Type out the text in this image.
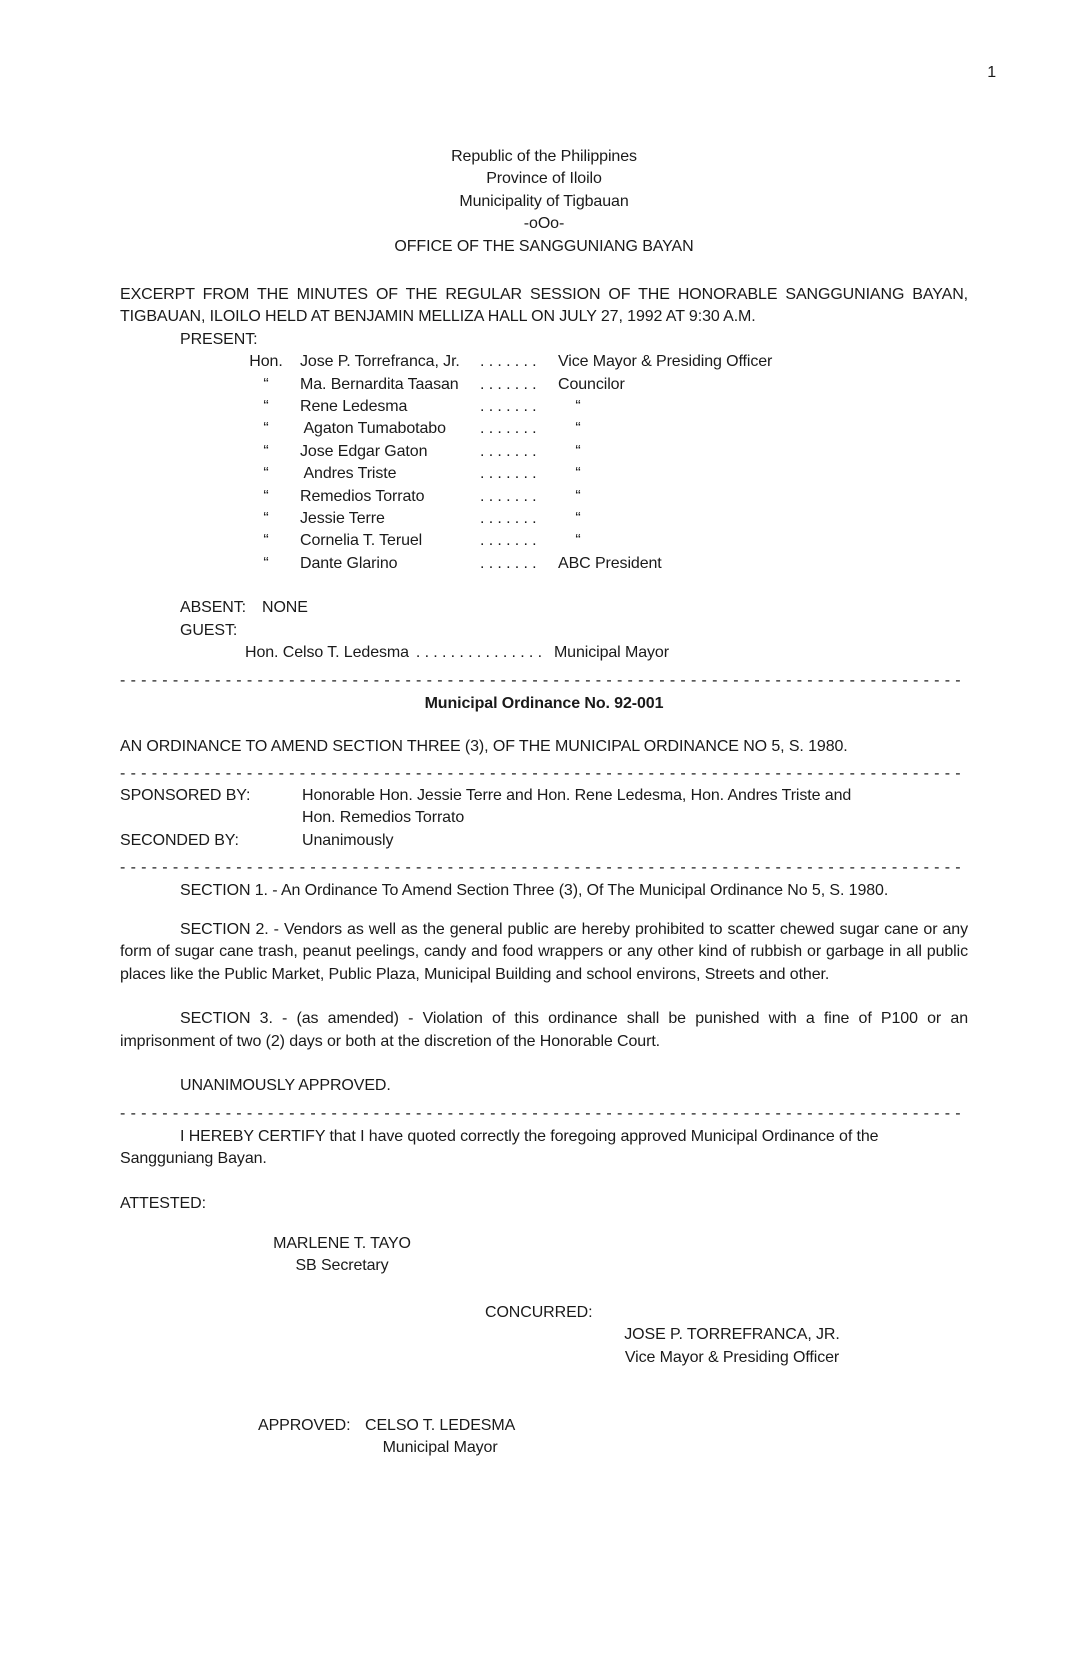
1
Republic of the Philippines
Province of Iloilo
Municipality of Tigbauan
-oOo-
OFFICE OF THE SANGGUNIANG BAYAN

EXCERPT FROM THE MINUTES OF THE REGULAR SESSION OF THE HONORABLE SANGGUNIANG BAYAN, TIGBAUAN, ILOILO HELD AT BENJAMIN MELLIZA HALL ON JULY 27, 1992 AT 9:30 A.M.

PRESENT:
Hon.	Jose P. Torrefranca, Jr.	. . . . . . .	Vice Mayor & Presiding Officer
“	Ma. Bernardita Taasan	. . . . . . .	Councilor
“	Rene Ledesma	. . . . . . .	“
“	Agaton Tumabotabo	. . . . . . .	“
“	Jose Edgar Gaton	. . . . . . .	“
“	Andres Triste	. . . . . . .	“
“	Remedios Torrato	. . . . . . .	“
“	Jessie Terre	. . . . . . .	“
“	Cornelia T. Teruel	. . . . . . .	“
“	Dante Glarino	. . . . . . .	ABC President
ABSENT:	NONE
GUEST:
Hon. Celso T. Ledesma . . . . . . . . . . . . . . . Municipal Mayor
- - - - - - - - - - - - - - - - - - - - - - - - - - - - - - - - - - - - - - - - - - - - - - - - - - - - - - - - - - - - - - - - - - - - - - - - - - - - - - - -
Municipal Ordinance No. 92-001
AN ORDINANCE TO AMEND SECTION THREE (3), OF THE MUNICIPAL ORDINANCE NO 5, S. 1980.
- - - - - - - - - - - - - - - - - - - - - - - - - - - - - - - - - - - - - - - - - - - - - - - - - - - - - - - - - - - - - - - - - - - - - - - - - - - - - - - -
SPONSORED BY:	Honorable Hon. Jessie Terre and Hon. Rene Ledesma, Hon. Andres Triste and
Hon. Remedios Torrato
SECONDED BY:	Unanimously
- - - - - - - - - - - - - - - - - - - - - - - - - - - - - - - - - - - - - - - - - - - - - - - - - - - - - - - - - - - - - - - - - - - - - - - - - - - - - - - -

SECTION 1. - An Ordinance To Amend Section Three (3), Of The Municipal Ordinance No 5, S. 1980.

SECTION 2. - Vendors as well as the general public are hereby prohibited to scatter chewed sugar cane or any form of sugar cane trash, peanut peelings, candy and food wrappers or any other kind of rubbish or garbage in all public places like the Public Market, Public Plaza, Municipal Building and school environs, Streets and other.

SECTION 3. - (as amended) - Violation of this ordinance shall be punished with a fine of P100 or an imprisonment of two (2) days or both at the discretion of the Honorable Court.

UNANIMOUSLY APPROVED.

- - - - - - - - - - - - - - - - - - - - - - - - - - - - - - - - - - - - - - - - - - - - - - - - - - - - - - - - - - - - - - - - - - - - - - - - - - - - - - - -

I HEREBY CERTIFY that I have quoted correctly the foregoing approved Municipal Ordinance of the Sangguniang Bayan.

ATTESTED:
MARLENE T. TAYO
SB Secretary
CONCURRED:
JOSE P. TORREFRANCA, JR.
Vice Mayor & Presiding Officer
APPROVED: CELSO T. LEDESMA
Municipal Mayor
